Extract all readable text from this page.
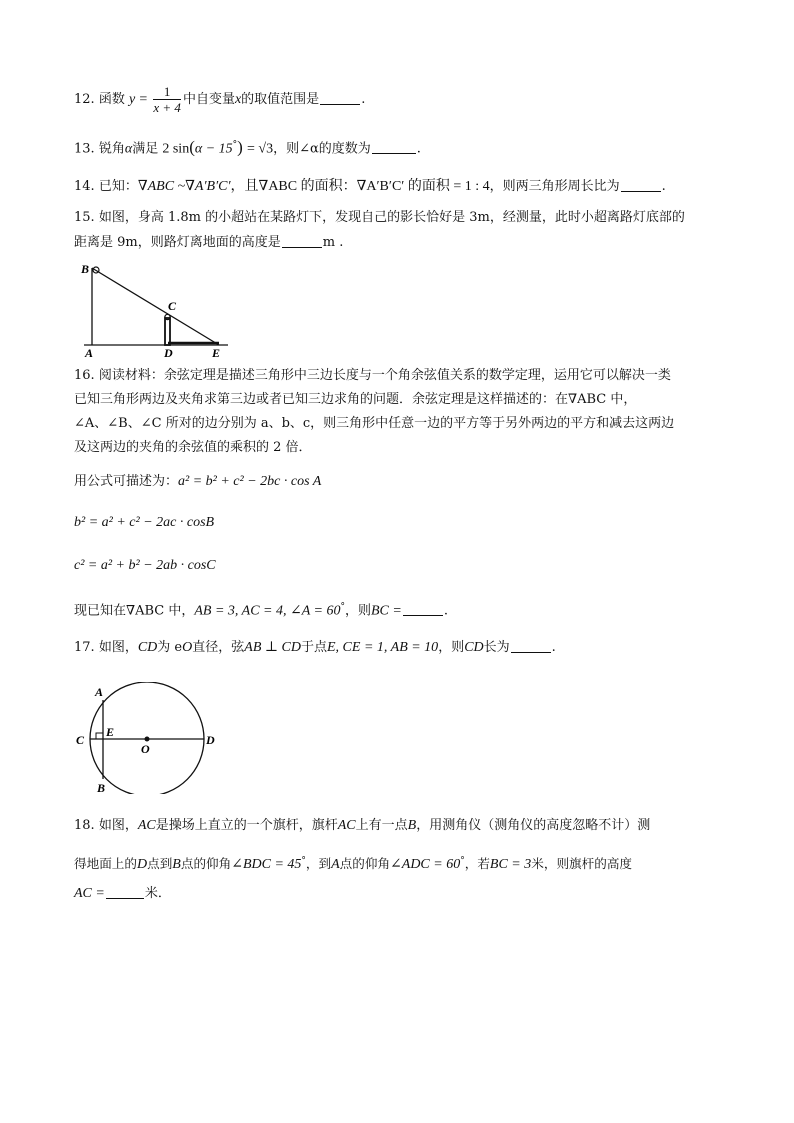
12. 函数 $y = \frac{1}{x + 4}$ 中自变量x的取值范围是	.
13. 锐角α满足 2 sin(α − 15°) = √3，则∠α的度数为	.
14. 已知：∇ABC ~∇A′B′C′，且∇ABC 的面积：∇A′B′C′ 的面积 = 1 : 4，则两三角形周长比为	.
15. 如图，身高 1.8m 的小超站在某路灯下，发现自己的影长恰好是 3m，经测量，此时小超离路灯底部的
距离是 9m，则路灯离地面的高度是	m .
B
C
A	D	E
16. 阅读材料：余弦定理是描述三角形中三边长度与一个角余弦值关系的数学定理，运用它可以解决一类
已知三角形两边及夹角求第三边或者已知三边求角的问题．余弦定理是这样描述的：在∇ABC 中，
∠A、∠B、∠C 所对的边分别为 a、b、c，则三角形中任意一边的平方等于另外两边的平方和减去这两边
及这两边的夹角的余弦值的乘积的 2 倍．
用公式可描述为：a² = b² + c² − 2bc · cos A
b² = a² + c² − 2ac · cosB
c² = a² + b² − 2ab · cosC
现已知在∇ABC 中，AB = 3, AC = 4, ∠A = 60°，则BC =	.
17. 如图，CD为 eO直径，弦AB ⊥ CD于点E, CE = 1, AB = 10，则CD长为	.
A
E
C
O
D
B
18. 如图，AC是操场上直立的一个旗杆，旗杆AC上有一点B，用测角仪（测角仪的高度忽略不计）测
得地面上的D点到B点的仰角∠BDC = 45°，到A点的仰角∠ADC = 60°，若BC = 3米，则旗杆的高度
AC =	米．
